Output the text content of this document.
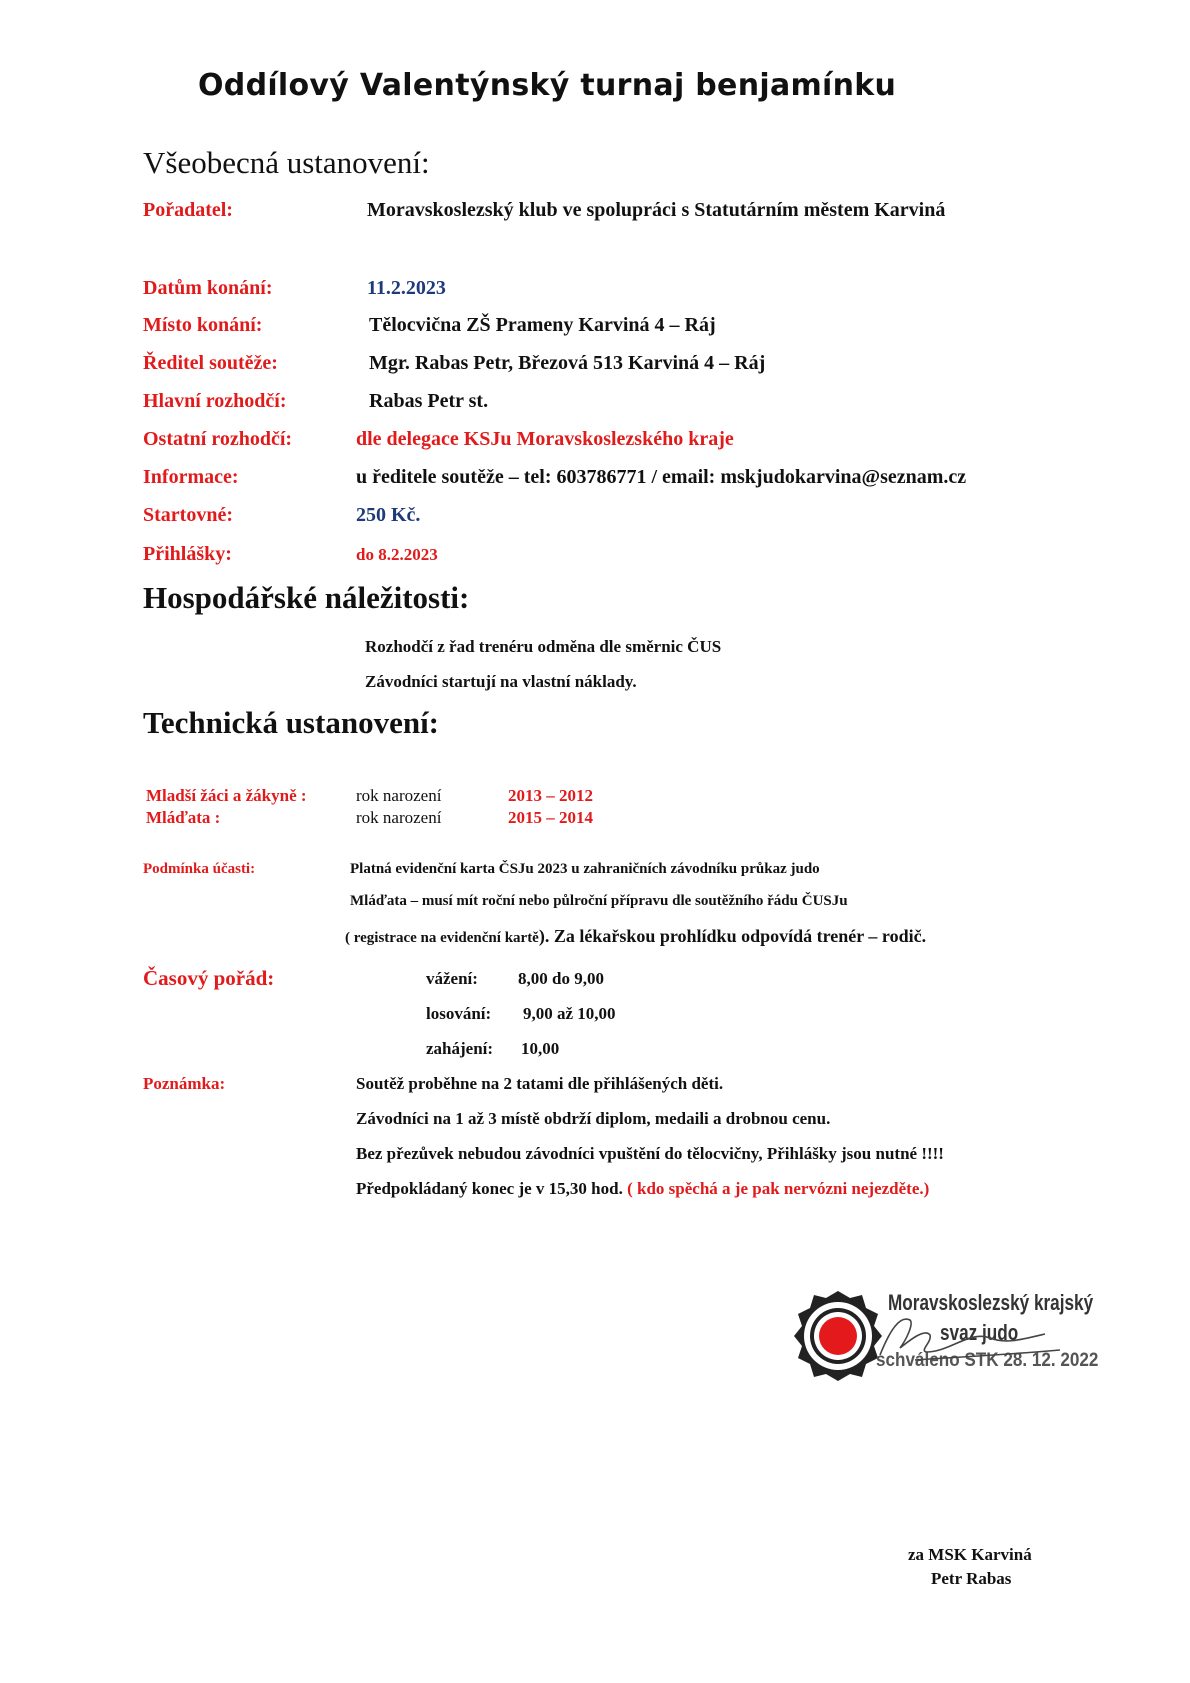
Oddílový Valentýnský turnaj benjamínku
Všeobecná ustanovení:
Pořadatel:	Moravskoslezský klub ve spolupráci s Statutárním městem Karviná
Datům konání:	11.2.2023
Místo konání:	Tělocvična ZŠ Prameny Karviná 4 – Ráj
Ředitel soutěže:	Mgr. Rabas Petr, Březová 513 Karviná 4 – Ráj
Hlavní rozhodčí:	Rabas Petr st.
Ostatní rozhodčí:	dle delegace KSJu Moravskoslezského kraje
Informace:	u ředitele soutěže – tel: 603786771 / email: mskjudokarvina@seznam.cz
Startovné:	250 Kč.
Přihlášky:	do 8.2.2023
Hospodářské náležitosti:
Rozhodčí z řad trenéru odměna dle směrnic ČUS
Závodníci startují na vlastní náklady.
Technická ustanovení:
Mladší žáci a žákyně :	rok narození	2013 – 2012
Mláďata :	rok narození	2015 – 2014
Podmínka účasti:	Platná evidenční karta ČSJu 2023 u zahraničních závodníku průkaz judo
Mláďata – musí mít roční nebo půlroční přípravu dle soutěžního řádu ČUSJu
( registrace na evidenční kartě). Za lékařskou prohlídku odpovídá trenér – rodič.
Časový pořád:	vážení: 8,00 do 9,00
losování: 9,00 až 10,00
zahájení: 10,00
Poznámka:	Soutěž proběhne na 2 tatami dle přihlášených děti.
Závodníci na 1 až 3 místě obdrží diplom, medaili a drobnou cenu.
Bez přezůvek nebudou závodníci vpuštění do tělocvičny, Přihlášky jsou nutné !!!!
Předpokládaný konec je v 15,30 hod. ( kdo spěchá a je pak nervózni nejezděte.)
Moravskoslezský krajský
svaz judo
schváleno STK 28. 12. 2022
za MSK Karviná
Petr Rabas
